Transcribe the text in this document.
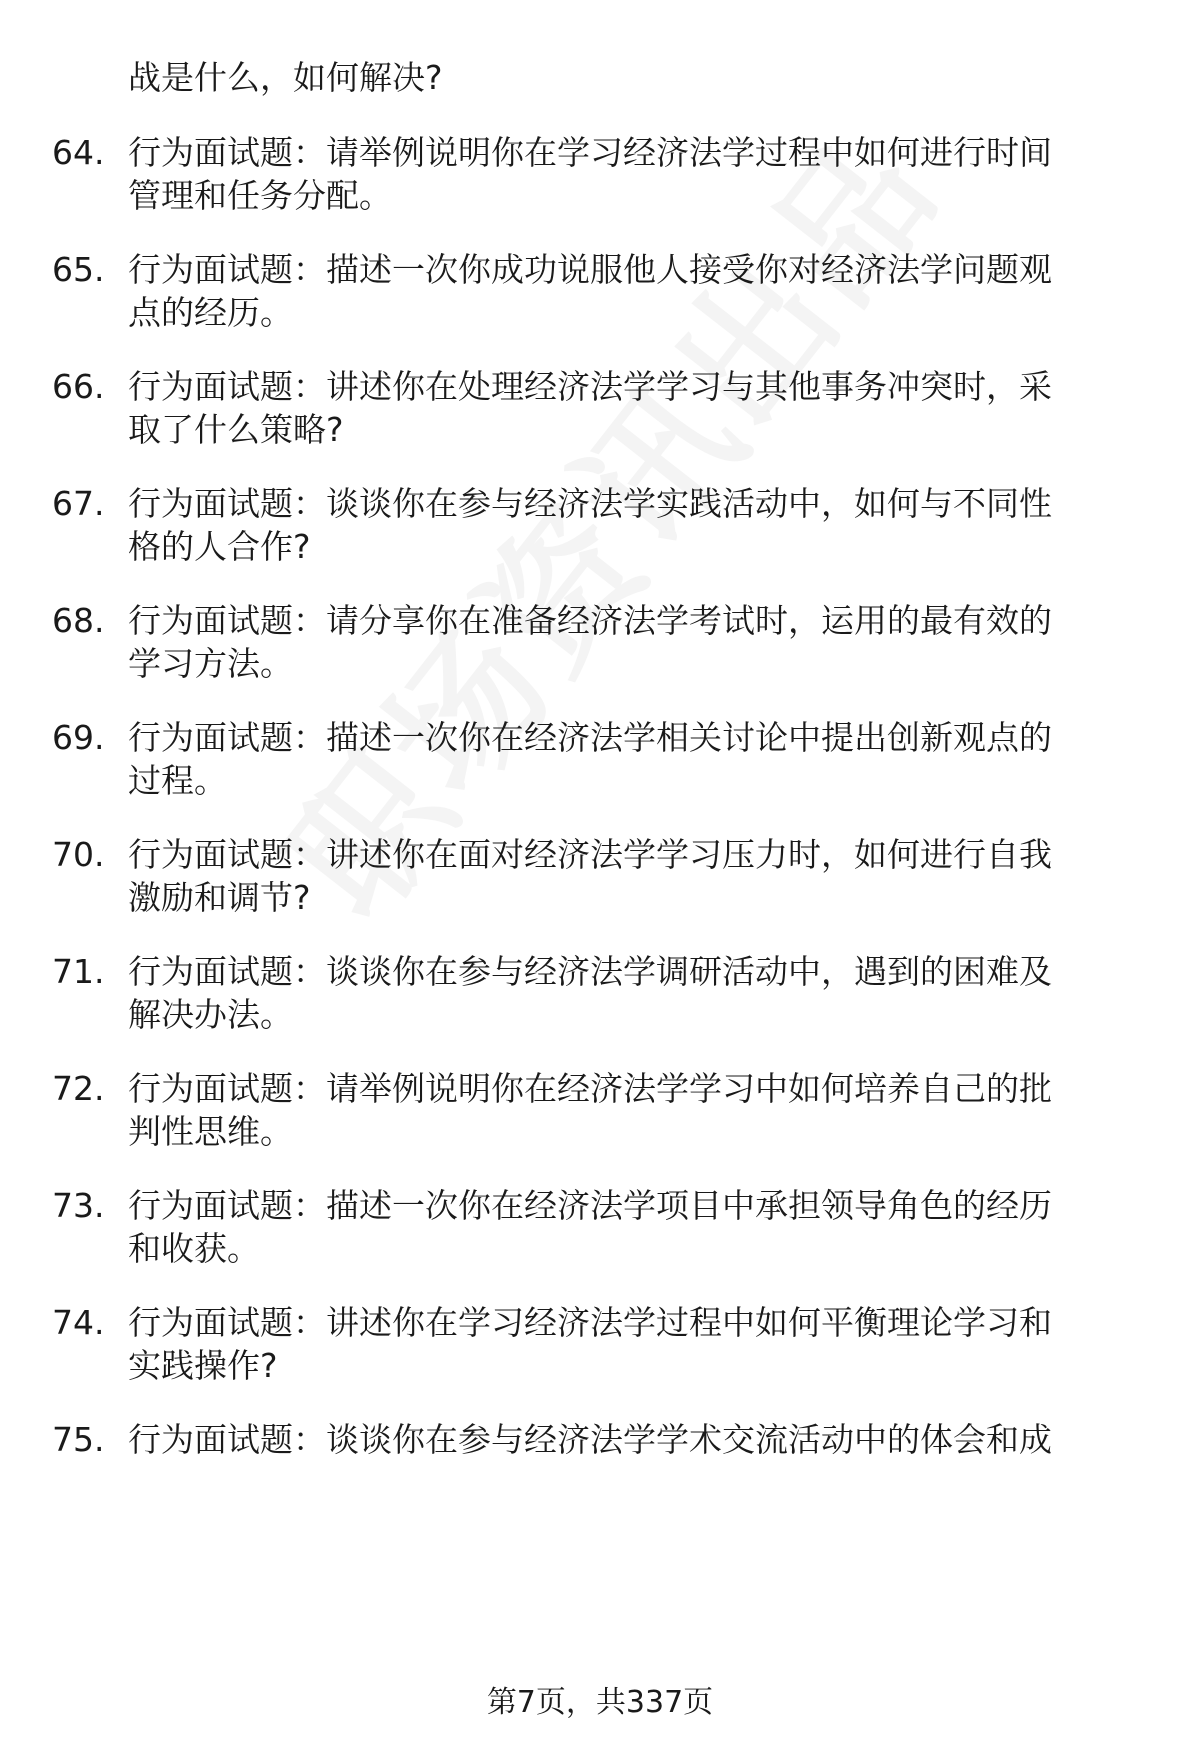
战是什么，如何解决?
64. 行为面试题：请举例说明你在学习经济法学过程中如何进行时间
管理和任务分配。
65. 行为面试题：描述一次你成功说服他人接受你对经济法学问题观
点的经历。
66. 行为面试题：讲述你在处理经济法学学习与其他事务冲突时，采
取了什么策略?
67. 行为面试题：谈谈你在参与经济法学实践活动中，如何与不同性
格的人合作?
68. 行为面试题：请分享你在准备经济法学考试时，运用的最有效的
学习方法。
69. 行为面试题：描述一次你在经济法学相关讨论中提出创新观点的
过程。
70. 行为面试题：讲述你在面对经济法学学习压力时，如何进行自我
激励和调节?
71. 行为面试题：谈谈你在参与经济法学调研活动中，遇到的困难及
解决办法。
72. 行为面试题：请举例说明你在经济法学学习中如何培养自己的批
判性思维。
73. 行为面试题：描述一次你在经济法学项目中承担领导角色的经历
和收获。
74. 行为面试题：讲述你在学习经济法学过程中如何平衡理论学习和
实践操作?
75. 行为面试题：谈谈你在参与经济法学学术交流活动中的体会和成
第7页，共337页
